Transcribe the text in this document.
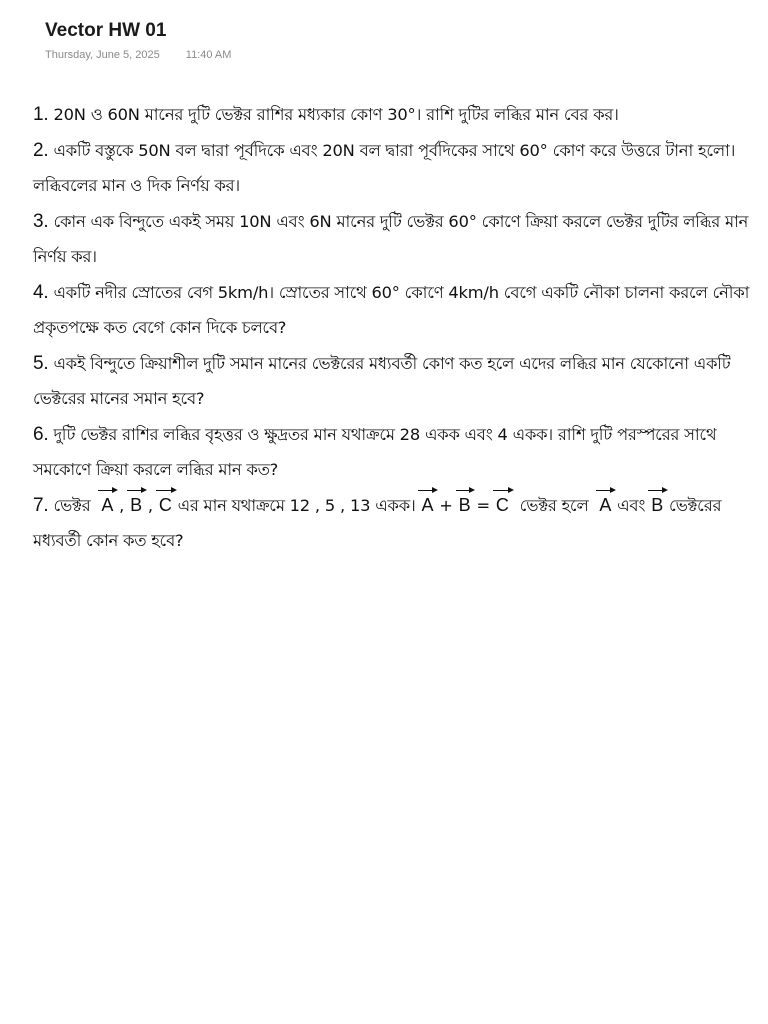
Vector HW 01
Thursday, June 5, 2025 11:40 AM

1. 20N ও 60N মানের দুটি ভেক্টর রাশির মধ্যকার কোণ 30°। রাশি দুটির লব্ধির মান বের কর।

2. একটি বস্তুকে 50N বল দ্বারা পূর্বদিকে এবং 20N বল দ্বারা পূর্বদিকের সাথে 60° কোণ করে উত্তরে টানা হলো। লব্ধিবলের মান ও দিক নির্ণয় কর।

3. কোন এক বিন্দুতে একই সময় 10N এবং 6N মানের দুটি ভেক্টর 60° কোণে ক্রিয়া করলে ভেক্টর দুটির লব্ধির মান নির্ণয় কর।

4. একটি নদীর স্রোতের বেগ 5km/h। স্রোতের সাথে 60° কোণে 4km/h বেগে একটি নৌকা চালনা করলে নৌকা প্রকৃতপক্ষে কত বেগে কোন দিকে চলবে?

5. একই বিন্দুতে ক্রিয়াশীল দুটি সমান মানের ভেক্টরের মধ্যবর্তী কোণ কত হলে এদের লব্ধির মান যেকোনো একটি ভেক্টরের মানের সমান হবে?

6. দুটি ভেক্টর রাশির লব্ধির বৃহত্তর ও ক্ষুদ্রতর মান যথাক্রমে 28 একক এবং 4 একক। রাশি দুটি পরস্পরের সাথে সমকোণে ক্রিয়া করলে লব্ধির মান কত?

7. ভেক্টর A , B , C এর মান যথাক্রমে 12 , 5 , 13 একক। A + B = C ভেক্টর হলে A এবং B ভেক্টরের মধ্যবর্তী কোন কত হবে?
